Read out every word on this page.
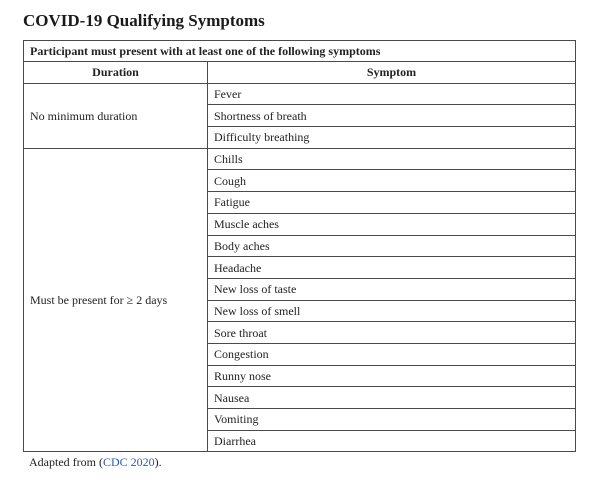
COVID-19 Qualifying Symptoms
Participant must present with at least one of the following symptoms	
Duration	Symptom
No minimum duration	Fever
	Shortness of breath
	Difficulty breathing
Must be present for ≥ 2 days	Chills
	Cough
	Fatigue
	Muscle aches
	Body aches
	Headache
	New loss of taste
	New loss of smell
	Sore throat
	Congestion
	Runny nose
	Nausea
	Vomiting
	Diarrhea
Adapted from (CDC 2020).
